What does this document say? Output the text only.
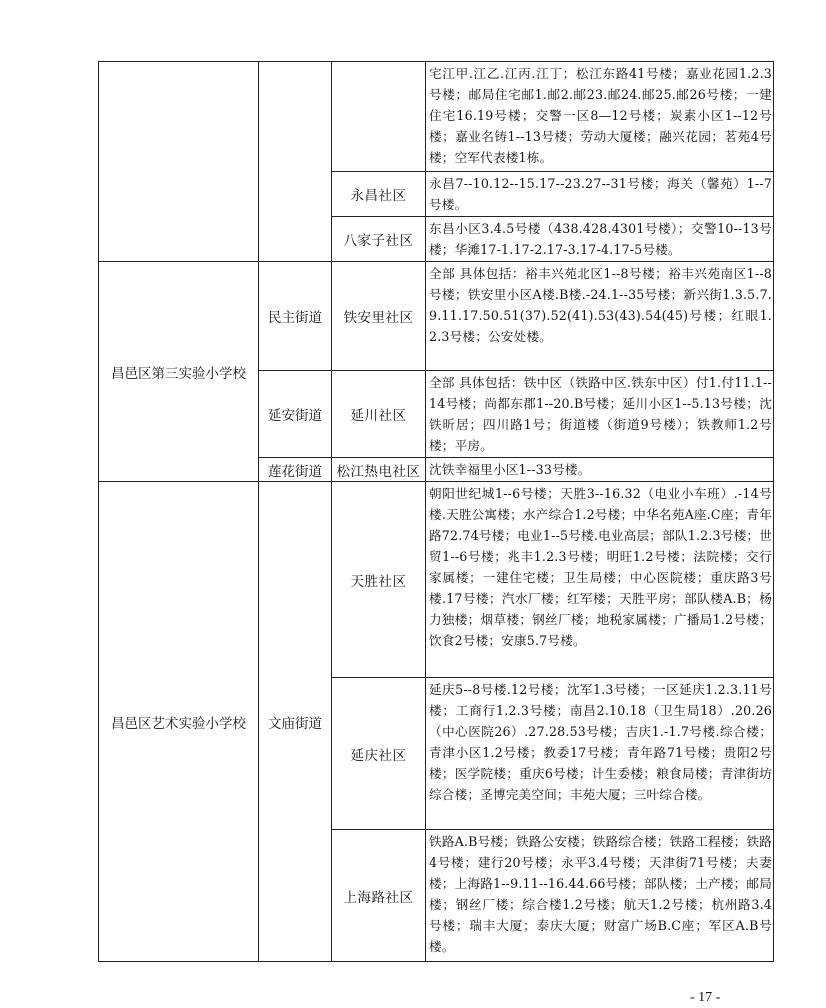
			宅江甲.江乙.江丙.江丁；松江东路41号楼；嘉业花园1.2.3号楼；邮局住宅邮1.邮2.邮23.邮24.邮25.邮26号楼；一建住宅16.19号楼；交警一区8—12号楼；炭素小区1--12号楼；嘉业名铸1--13号楼；劳动大厦楼；融兴花园；茗苑4号楼；空军代表楼1栋。
		永昌社区	永昌7--10.12--15.17--23.27--31号楼；海关（馨苑）1--7号楼。
		八家子社区	东昌小区3.4.5号楼（438.428.4301号楼）；交警10--13号楼；华滩17-1.17-2.17-3.17-4.17-5号楼。
昌邑区第三实验小学校	民主街道	铁安里社区	全部 具体包括：裕丰兴苑北区1--8号楼；裕丰兴苑南区1--8号楼；铁安里小区A楼.B楼.-24.1--35号楼；新兴街1.3.5.7.9.11.17.50.51(37).52(41).53(43).54(45)号楼；红眼1.2.3号楼；公安处楼。
	延安街道	延川社区	全部 具体包括：铁中区（铁路中区.铁东中区）付1.付11.1--14号楼；尚都东郡1--20.B号楼；延川小区1--5.13号楼；沈铁昕居；四川路1号；街道楼（街道9号楼）；铁教师1.2号楼；平房。
	莲花街道	松江热电社区	沈铁幸福里小区1--33号楼。
昌邑区艺术实验小学校	文庙街道	天胜社区	朝阳世纪城1--6号楼；天胜3--16.32（电业小车班）.-14号楼.天胜公寓楼；水产综合1.2号楼；中华名苑A座.C座；青年路72.74号楼；电业1--5号楼.电业高层；部队1.2.3号楼；世贸1--6号楼；兆丰1.2.3号楼；明旺1.2号楼；法院楼；交行家属楼；一建住宅楼；卫生局楼；中心医院楼；重庆路3号楼.17号楼；汽水厂楼；红军楼；天胜平房；部队楼A.B；杨力独楼；烟草楼；钢丝厂楼；地税家属楼；广播局1.2号楼；饮食2号楼；安康5.7号楼。
		延庆社区	延庆5--8号楼.12号楼；沈军1.3号楼；一区延庆1.2.3.11号楼；工商行1.2.3号楼；南昌2.10.18（卫生局18）.20.26（中心医院26）.27.28.53号楼；吉庆1.-1.7号楼.综合楼；青津小区1.2号楼；教委17号楼；青年路71号楼；贵阳2号楼；医学院楼；重庆6号楼；计生委楼；粮食局楼；青津街坊综合楼；圣博完美空间；丰苑大厦；三叶综合楼。
		上海路社区	铁路A.B号楼；铁路公安楼；铁路综合楼；铁路工程楼；铁路4号楼；建行20号楼；永平3.4号楼；天津街71号楼；夫妻楼；上海路1--9.11--16.44.66号楼；部队楼；土产楼；邮局楼；钢丝厂楼；综合楼1.2号楼；航天1.2号楼；杭州路3.4号楼；瑞丰大厦；泰庆大厦；财富广场B.C座；军区A.B号楼。
- 17 -
